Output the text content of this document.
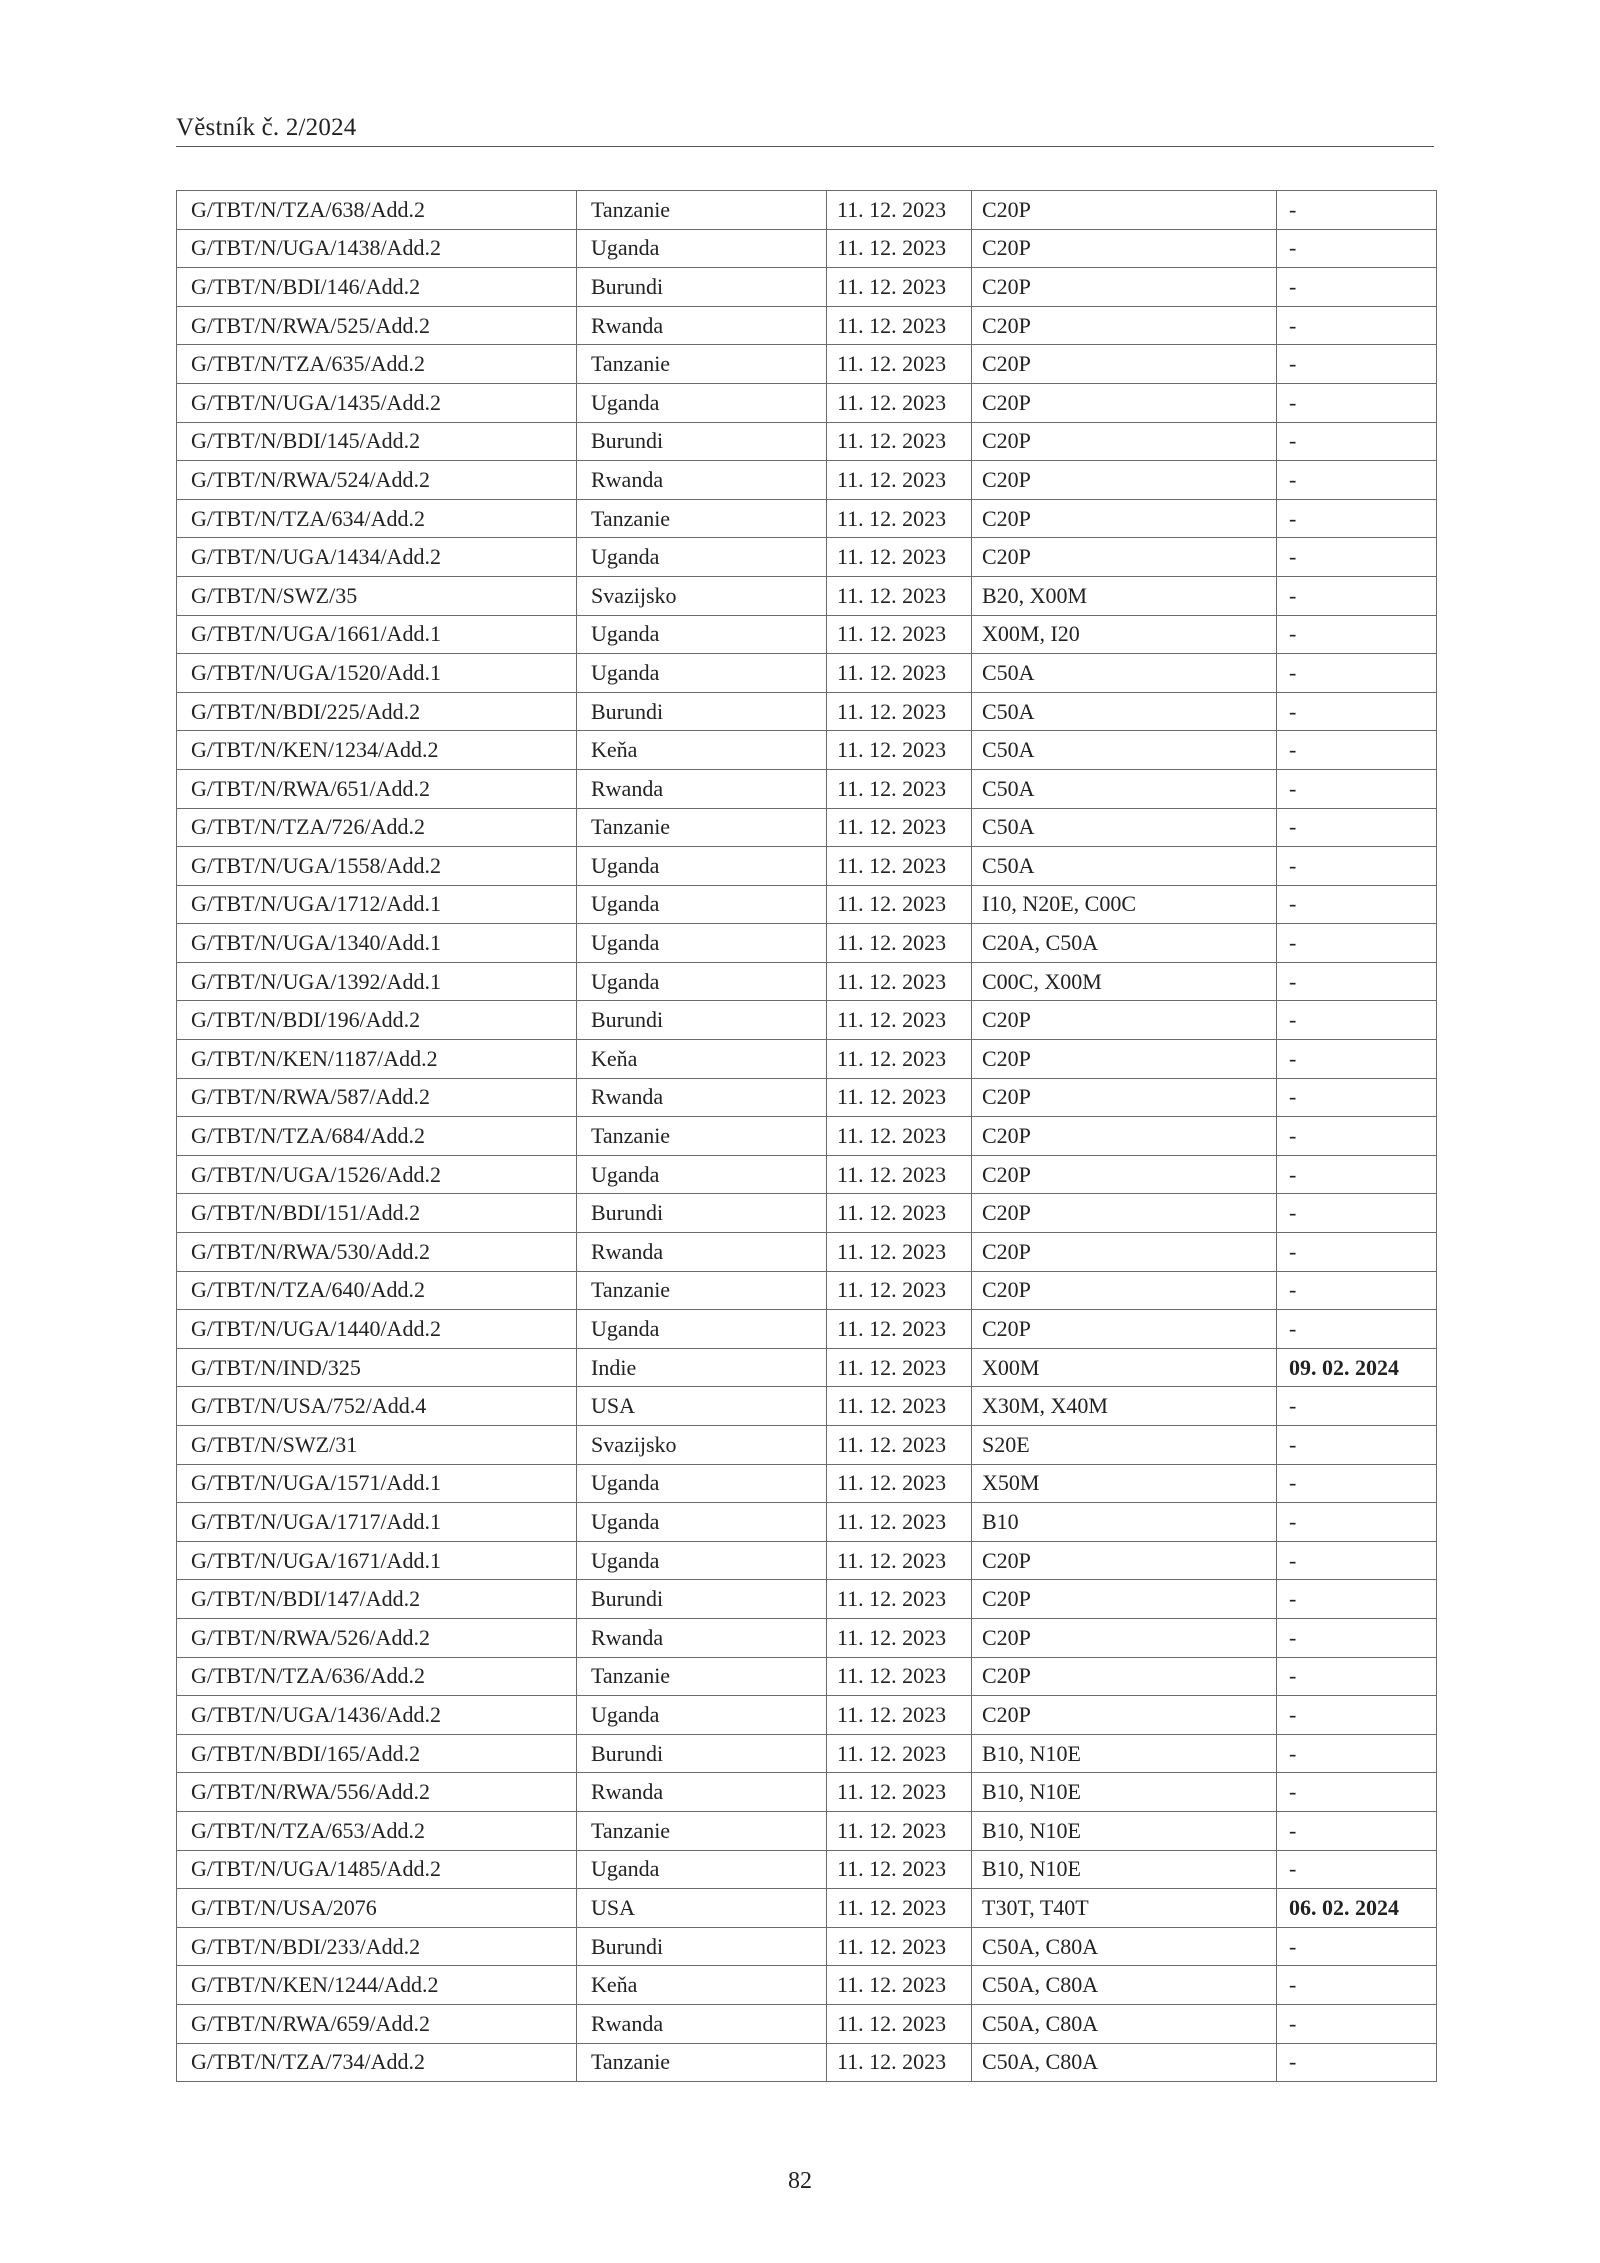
Věstník č. 2/2024
G/TBT/N/TZA/638/Add.2	Tanzanie	11. 12. 2023	C20P	-
G/TBT/N/UGA/1438/Add.2	Uganda	11. 12. 2023	C20P	-
G/TBT/N/BDI/146/Add.2	Burundi	11. 12. 2023	C20P	-
G/TBT/N/RWA/525/Add.2	Rwanda	11. 12. 2023	C20P	-
G/TBT/N/TZA/635/Add.2	Tanzanie	11. 12. 2023	C20P	-
G/TBT/N/UGA/1435/Add.2	Uganda	11. 12. 2023	C20P	-
G/TBT/N/BDI/145/Add.2	Burundi	11. 12. 2023	C20P	-
G/TBT/N/RWA/524/Add.2	Rwanda	11. 12. 2023	C20P	-
G/TBT/N/TZA/634/Add.2	Tanzanie	11. 12. 2023	C20P	-
G/TBT/N/UGA/1434/Add.2	Uganda	11. 12. 2023	C20P	-
G/TBT/N/SWZ/35	Svazijsko	11. 12. 2023	B20, X00M	-
G/TBT/N/UGA/1661/Add.1	Uganda	11. 12. 2023	X00M, I20	-
G/TBT/N/UGA/1520/Add.1	Uganda	11. 12. 2023	C50A	-
G/TBT/N/BDI/225/Add.2	Burundi	11. 12. 2023	C50A	-
G/TBT/N/KEN/1234/Add.2	Keňa	11. 12. 2023	C50A	-
G/TBT/N/RWA/651/Add.2	Rwanda	11. 12. 2023	C50A	-
G/TBT/N/TZA/726/Add.2	Tanzanie	11. 12. 2023	C50A	-
G/TBT/N/UGA/1558/Add.2	Uganda	11. 12. 2023	C50A	-
G/TBT/N/UGA/1712/Add.1	Uganda	11. 12. 2023	I10, N20E, C00C	-
G/TBT/N/UGA/1340/Add.1	Uganda	11. 12. 2023	C20A, C50A	-
G/TBT/N/UGA/1392/Add.1	Uganda	11. 12. 2023	C00C, X00M	-
G/TBT/N/BDI/196/Add.2	Burundi	11. 12. 2023	C20P	-
G/TBT/N/KEN/1187/Add.2	Keňa	11. 12. 2023	C20P	-
G/TBT/N/RWA/587/Add.2	Rwanda	11. 12. 2023	C20P	-
G/TBT/N/TZA/684/Add.2	Tanzanie	11. 12. 2023	C20P	-
G/TBT/N/UGA/1526/Add.2	Uganda	11. 12. 2023	C20P	-
G/TBT/N/BDI/151/Add.2	Burundi	11. 12. 2023	C20P	-
G/TBT/N/RWA/530/Add.2	Rwanda	11. 12. 2023	C20P	-
G/TBT/N/TZA/640/Add.2	Tanzanie	11. 12. 2023	C20P	-
G/TBT/N/UGA/1440/Add.2	Uganda	11. 12. 2023	C20P	-
G/TBT/N/IND/325	Indie	11. 12. 2023	X00M	09. 02. 2024
G/TBT/N/USA/752/Add.4	USA	11. 12. 2023	X30M, X40M	-
G/TBT/N/SWZ/31	Svazijsko	11. 12. 2023	S20E	-
G/TBT/N/UGA/1571/Add.1	Uganda	11. 12. 2023	X50M	-
G/TBT/N/UGA/1717/Add.1	Uganda	11. 12. 2023	B10	-
G/TBT/N/UGA/1671/Add.1	Uganda	11. 12. 2023	C20P	-
G/TBT/N/BDI/147/Add.2	Burundi	11. 12. 2023	C20P	-
G/TBT/N/RWA/526/Add.2	Rwanda	11. 12. 2023	C20P	-
G/TBT/N/TZA/636/Add.2	Tanzanie	11. 12. 2023	C20P	-
G/TBT/N/UGA/1436/Add.2	Uganda	11. 12. 2023	C20P	-
G/TBT/N/BDI/165/Add.2	Burundi	11. 12. 2023	B10, N10E	-
G/TBT/N/RWA/556/Add.2	Rwanda	11. 12. 2023	B10, N10E	-
G/TBT/N/TZA/653/Add.2	Tanzanie	11. 12. 2023	B10, N10E	-
G/TBT/N/UGA/1485/Add.2	Uganda	11. 12. 2023	B10, N10E	-
G/TBT/N/USA/2076	USA	11. 12. 2023	T30T, T40T	06. 02. 2024
G/TBT/N/BDI/233/Add.2	Burundi	11. 12. 2023	C50A, C80A	-
G/TBT/N/KEN/1244/Add.2	Keňa	11. 12. 2023	C50A, C80A	-
G/TBT/N/RWA/659/Add.2	Rwanda	11. 12. 2023	C50A, C80A	-
G/TBT/N/TZA/734/Add.2	Tanzanie	11. 12. 2023	C50A, C80A	-
82
